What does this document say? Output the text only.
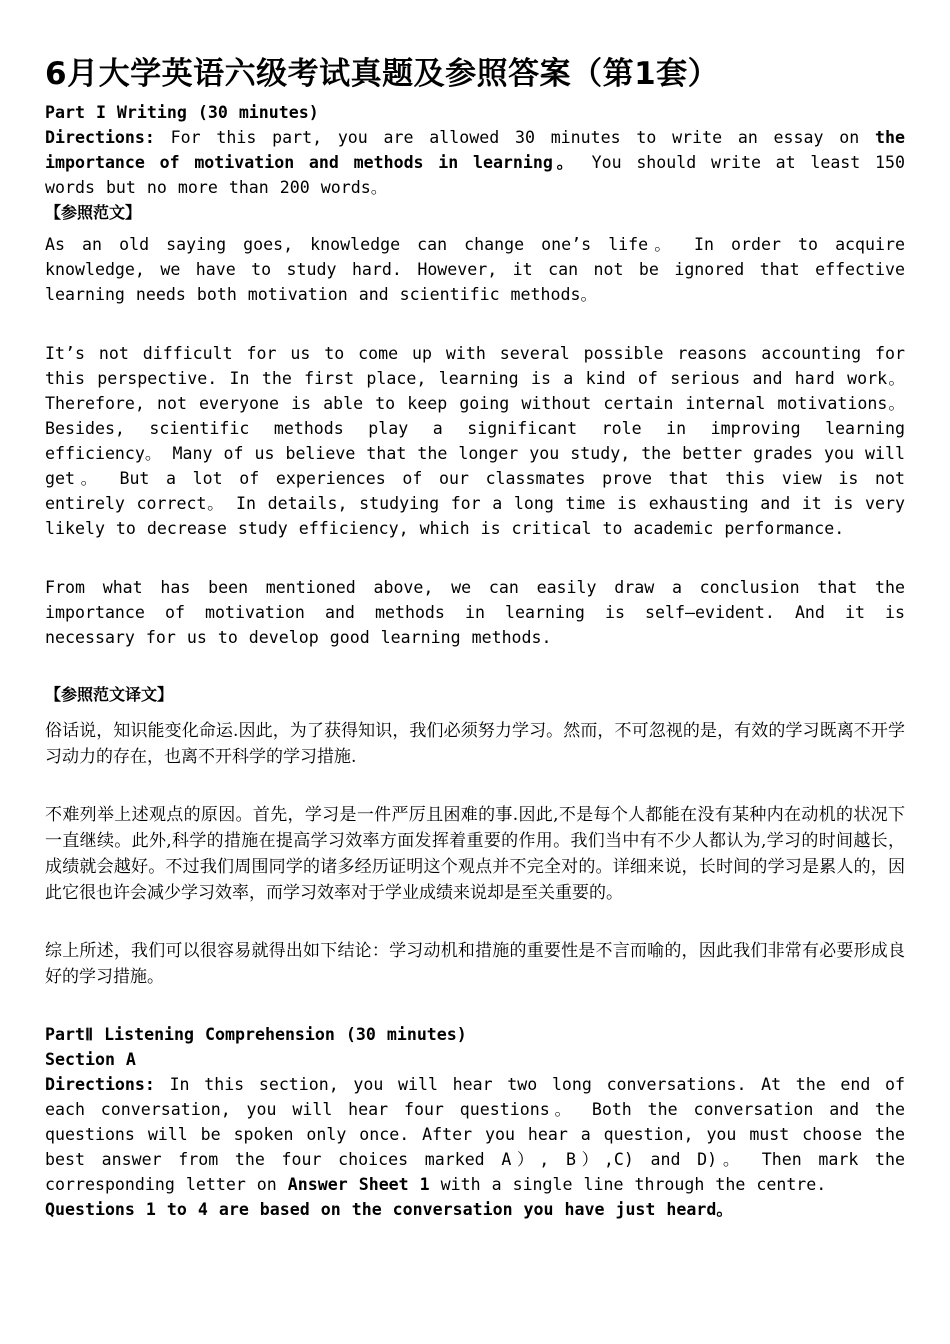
6月大学英语六级考试真题及参照答案（第1套）

Part I Writing (30 minutes)

Directions: For this part, you are allowed 30 minutes to write an essay on the importance of motivation and methods in learning。 You should write at least 150 words but no more than 200 words。

【参照范文】

As an old saying goes, knowledge can change one’s life。 In order to acquire knowledge, we have to study hard. However, it can not be ignored that effective learning needs both motivation and scientific methods。

It’s not difficult for us to come up with several possible reasons accounting for this perspective. In the first place, learning is a kind of serious and hard work。 Therefore, not everyone is able to keep going without certain internal motivations。 Besides, scientific methods play a significant role in improving learning efficiency。 Many of us believe that the longer you study, the better grades you will get。 But a lot of experiences of our classmates prove that this view is not entirely correct。 In details, studying for a long time is exhausting and it is very likely to decrease study efficiency, which is critical to academic performance.

From what has been mentioned above, we can easily draw a conclusion that the importance of motivation and methods in learning is self—evident. And it is necessary for us to develop good learning methods.

【参照范文译文】

俗话说，知识能变化命运.因此，为了获得知识，我们必须努力学习。然而，不可忽视的是，有效的学习既离不开学习动力的存在，也离不开科学的学习措施.

不难列举上述观点的原因。首先，学习是一件严厉且困难的事.因此,不是每个人都能在没有某种内在动机的状况下一直继续。此外,科学的措施在提高学习效率方面发挥着重要的作用。我们当中有不少人都认为,学习的时间越长，成绩就会越好。不过我们周围同学的诸多经历证明这个观点并不完全对的。详细来说，长时间的学习是累人的，因此它很也许会减少学习效率，而学习效率对于学业成绩来说却是至关重要的。

综上所述，我们可以很容易就得出如下结论：学习动机和措施的重要性是不言而喻的，因此我们非常有必要形成良好的学习措施。

PartⅡ Listening Comprehension (30 minutes)

Section A

Directions: In this section, you will hear two long conversations. At the end of each conversation, you will hear four questions。 Both the conversation and the questions will be spoken only once. After you hear a question, you must choose the best answer from the four choices marked A）, B）,C) and D)。 Then mark the corresponding letter on Answer Sheet 1 with a single line through the centre.

Questions 1 to 4 are based on the conversation you have just heard。
